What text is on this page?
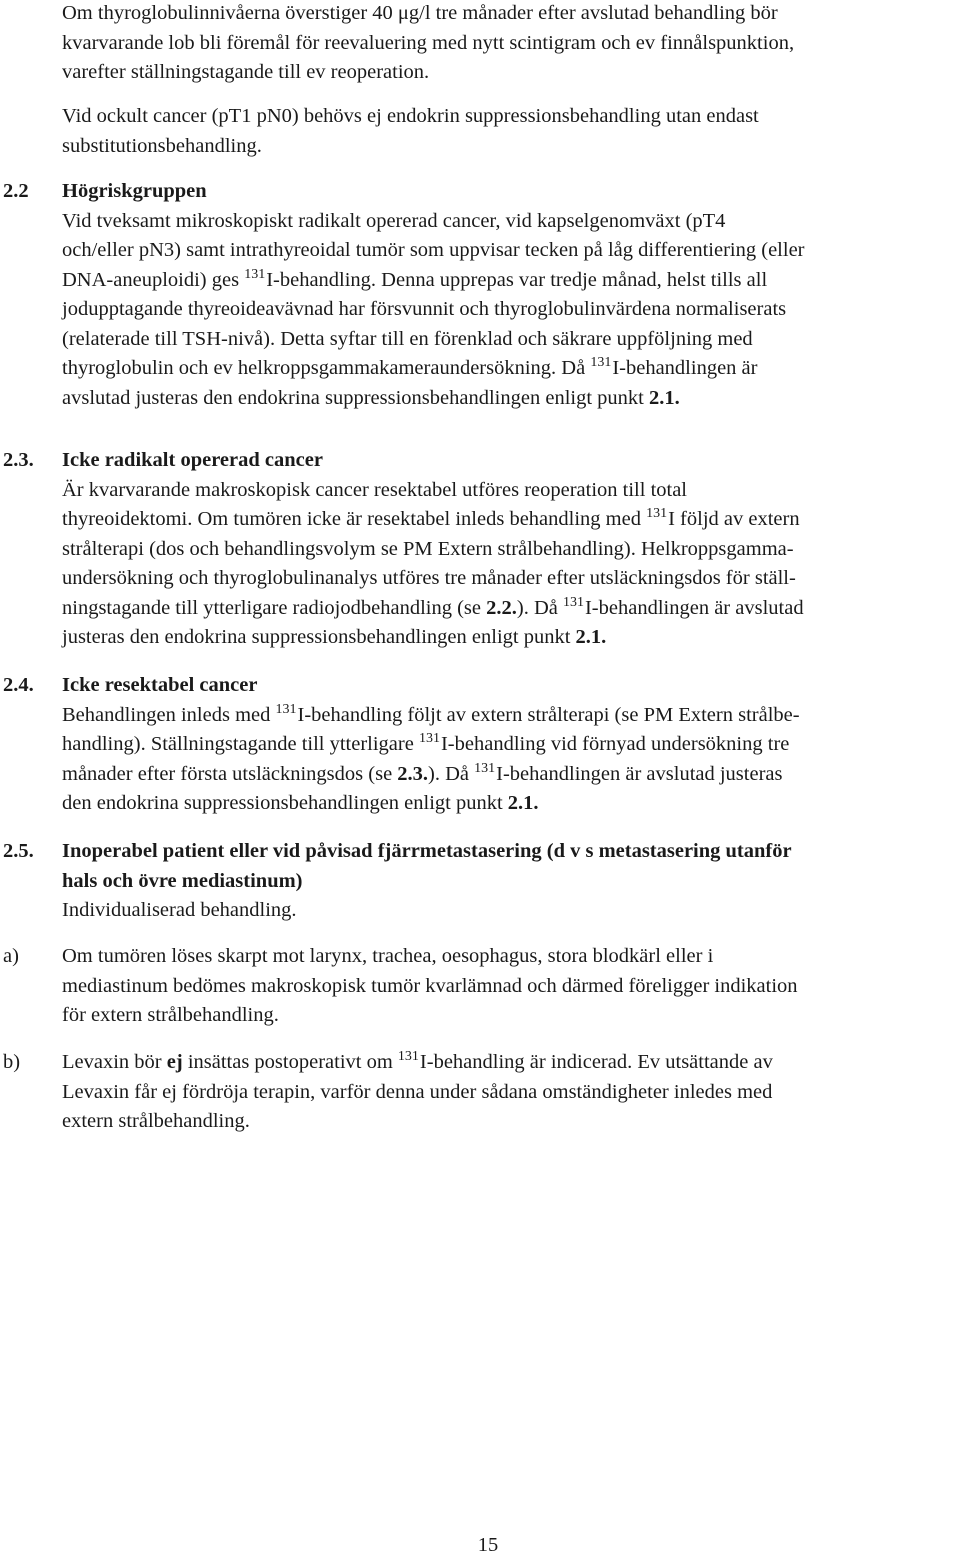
Om thyroglobulinnivåerna överstiger 40 μg/l tre månader efter avslutad behandling bör
kvarvarande lob bli föremål för reevaluering med nytt scintigram och ev finnålspunktion,
varefter ställningstagande till ev reoperation.

Vid ockult cancer (pT1 pN0) behövs ej endokrin suppressionsbehandling utan endast
substitutionsbehandling.

2.2 Högriskgruppen
Vid tveksamt mikroskopiskt radikalt opererad cancer, vid kapselgenomväxt (pT4
och/eller pN3) samt intrathyreoidal tumör som uppvisar tecken på låg differentiering (eller
DNA-aneuploidi) ges $^{131}$I-behandling. Denna upprepas var tredje månad, helst tills all
jodupptagande thyreoideavävnad har försvunnit och thyroglobulinvärdena normaliserats
(relaterade till TSH-nivå). Detta syftar till en förenklad och säkrare uppföljning med
thyroglobulin och ev helkroppsgammakameraundersökning. Då $^{131}$I-behandlingen är
avslutad justeras den endokrina suppressionsbehandlingen enligt punkt 2.1.
2.3. Icke radikalt opererad cancer
Är kvarvarande makroskopisk cancer resektabel utföres reoperation till total
thyreoidektomi. Om tumören icke är resektabel inleds behandling med $^{131}$I följd av extern
strålterapi (dos och behandlingsvolym se PM Extern strålbehandling). Helkroppsgamma-
undersökning och thyroglobulinanalys utföres tre månader efter utsläckningsdos för ställ-
ningstagande till ytterligare radiojodbehandling (se 2.2.). Då $^{131}$I-behandlingen är avslutad
justeras den endokrina suppressionsbehandlingen enligt punkt 2.1.
2.4. Icke resektabel cancer
Behandlingen inleds med $^{131}$I-behandling följt av extern strålterapi (se PM Extern strålbe-
handling). Ställningstagande till ytterligare $^{131}$I-behandling vid förnyad undersökning tre
månader efter första utsläckningsdos (se 2.3.). Då $^{131}$I-behandlingen är avslutad justeras
den endokrina suppressionsbehandlingen enligt punkt 2.1.
2.5. Inoperabel patient eller vid påvisad fjärrmetastasering (d v s metastasering utanför
hals och övre mediastinum)
Individualiserad behandling.
a) Om tumören löses skarpt mot larynx, trachea, oesophagus, stora blodkärl eller i
mediastinum bedömes makroskopisk tumör kvarlämnad och därmed föreligger indikation
för extern strålbehandling.
b) Levaxin bör ej insättas postoperativt om $^{131}$I-behandling är indicerad. Ev utsättande av
Levaxin får ej fördröja terapin, varför denna under sådana omständigheter inledes med
extern strålbehandling.
15
